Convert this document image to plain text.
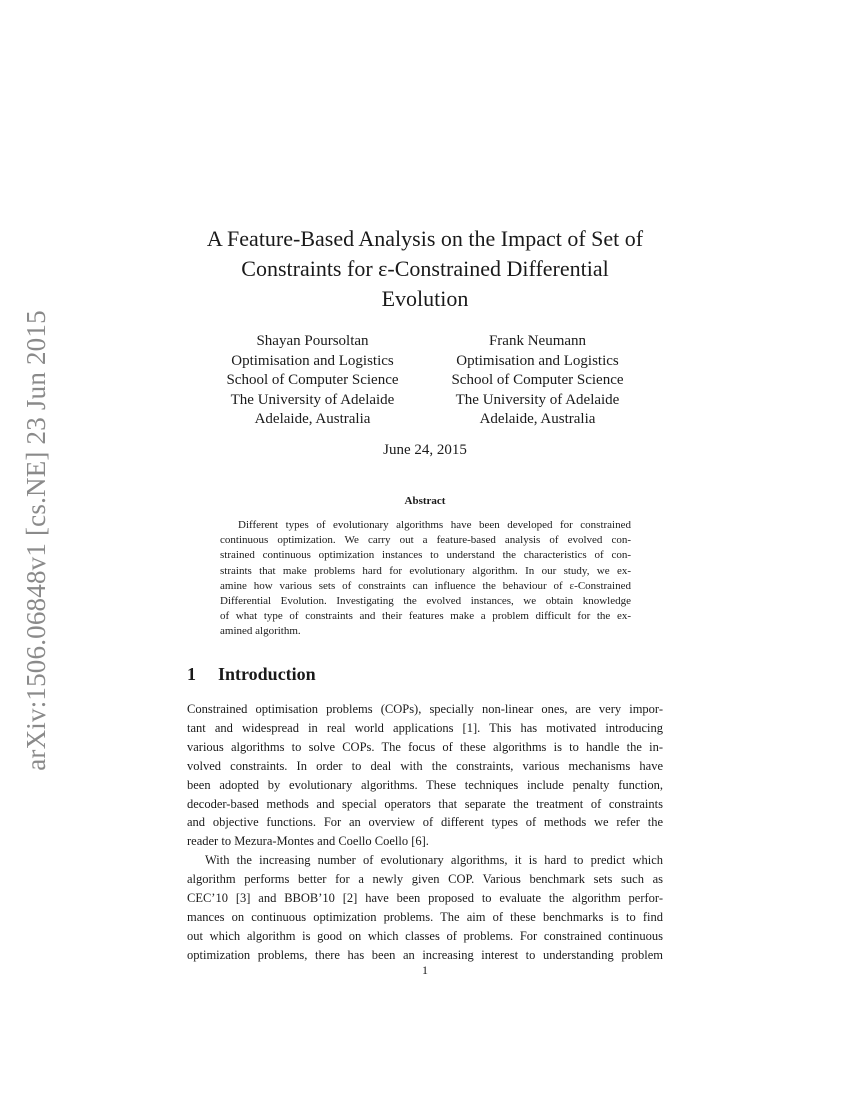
arXiv:1506.06848v1 [cs.NE] 23 Jun 2015
A Feature-Based Analysis on the Impact of Set of
Constraints for ε-Constrained Differential
Evolution
Shayan Poursoltan
Optimisation and Logistics
School of Computer Science
The University of Adelaide
Adelaide, Australia
Frank Neumann
Optimisation and Logistics
School of Computer Science
The University of Adelaide
Adelaide, Australia
June 24, 2015
Abstract
Different types of evolutionary algorithms have been developed for constrained
continuous optimization. We carry out a feature-based analysis of evolved con-
strained continuous optimization instances to understand the characteristics of con-
straints that make problems hard for evolutionary algorithm. In our study, we ex-
amine how various sets of constraints can influence the behaviour of ε-Constrained
Differential Evolution. Investigating the evolved instances, we obtain knowledge
of what type of constraints and their features make a problem difficult for the ex-
amined algorithm.
1 Introduction
Constrained optimisation problems (COPs), specially non-linear ones, are very impor-
tant and widespread in real world applications [1]. This has motivated introducing
various algorithms to solve COPs. The focus of these algorithms is to handle the in-
volved constraints. In order to deal with the constraints, various mechanisms have
been adopted by evolutionary algorithms. These techniques include penalty function,
decoder-based methods and special operators that separate the treatment of constraints
and objective functions. For an overview of different types of methods we refer the
reader to Mezura-Montes and Coello Coello [6].
With the increasing number of evolutionary algorithms, it is hard to predict which
algorithm performs better for a newly given COP. Various benchmark sets such as
CEC’10 [3] and BBOB’10 [2] have been proposed to evaluate the algorithm perfor-
mances on continuous optimization problems. The aim of these benchmarks is to find
out which algorithm is good on which classes of problems. For constrained continuous
optimization problems, there has been an increasing interest to understanding problem
1
